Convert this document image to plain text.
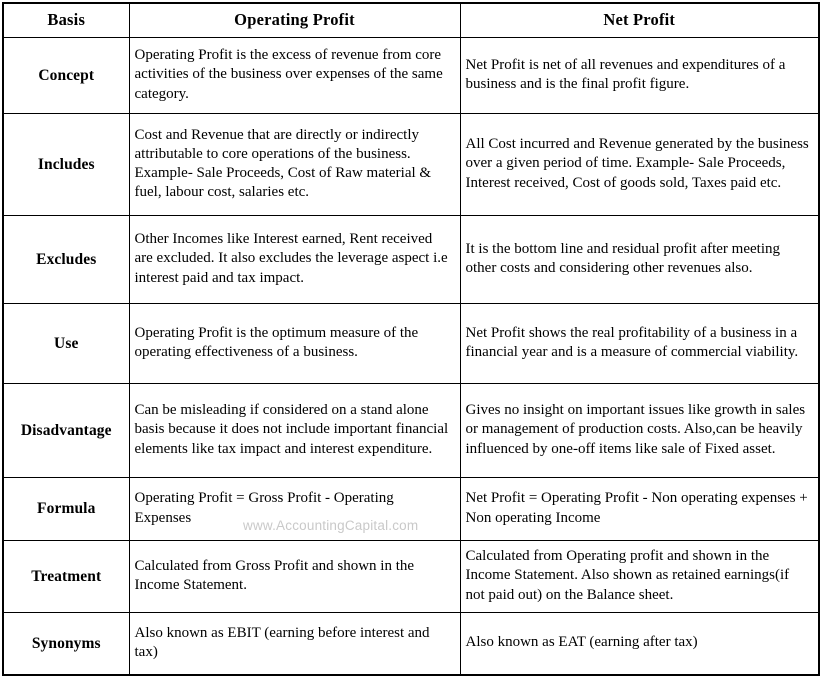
Basis	Operating Profit	Net Profit
Concept	Operating Profit is the excess of revenue from core activities of the business over expenses of the same category.	Net Profit is net of all revenues and expenditures of a business and is the final profit figure.
Includes	Cost and Revenue that are directly or indirectly attributable to core operations of the business. Example- Sale Proceeds, Cost of Raw material & fuel, labour cost, salaries etc.	All Cost incurred and Revenue generated by the business over a given period of time. Example- Sale Proceeds, Interest received, Cost of goods sold, Taxes paid etc.
Excludes	Other Incomes like Interest earned, Rent received are excluded. It also excludes the leverage aspect i.e interest paid and tax impact.	It is the bottom line and residual profit after meeting other costs and considering other revenues also.
Use	Operating Profit is the optimum measure of the operating effectiveness of a business.	Net Profit shows the real profitability of a business in a financial year and is a measure of commercial viability.
Disadvantage	Can be misleading if considered on a stand alone basis because it does not include important financial elements like tax impact and interest expenditure.	Gives no insight on important issues like growth in sales or management of production costs. Also,can be heavily influenced by one-off items like sale of Fixed asset.
Formula	Operating Profit = Gross Profit - Operating Expenses	Net Profit = Operating Profit - Non operating expenses + Non operating Income
Treatment	Calculated from Gross Profit and shown in the Income Statement.	Calculated from Operating profit and shown in the Income Statement. Also shown as retained earnings(if not paid out) on the Balance sheet.
Synonyms	Also known as EBIT (earning before interest and tax)	Also known as EAT (earning after tax)
www.AccountingCapital.com
